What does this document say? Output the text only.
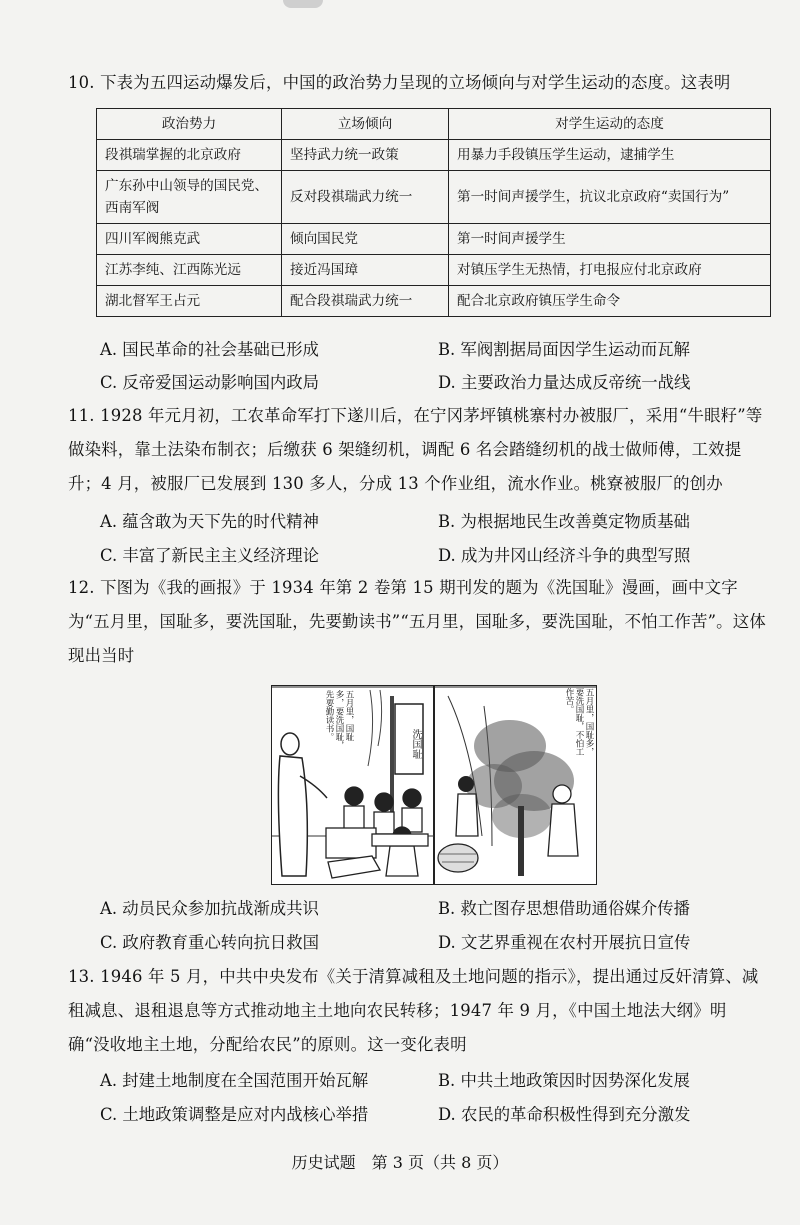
10. 下表为五四运动爆发后，中国的政治势力呈现的立场倾向与对学生运动的态度。这表明
政治势力	立场倾向	对学生运动的态度
段祺瑞掌握的北京政府	坚持武力统一政策	用暴力手段镇压学生运动，逮捕学生
广东孙中山领导的国民党、西南军阀	反对段祺瑞武力统一	第一时间声援学生，抗议北京政府“卖国行为”
四川军阀熊克武	倾向国民党	第一时间声援学生
江苏李纯、江西陈光远	接近冯国璋	对镇压学生无热情，打电报应付北京政府
湖北督军王占元	配合段祺瑞武力统一	配合北京政府镇压学生命令
A. 国民革命的社会基础已形成	B. 军阀割据局面因学生运动而瓦解
C. 反帝爱国运动影响国内政局	D. 主要政治力量达成反帝统一战线
11. 1928 年元月初，工农革命军打下遂川后，在宁冈茅坪镇桃寨村办被服厂，采用“牛眼籽”等做染料，靠土法染布制衣；后缴获 6 架缝纫机，调配 6 名会踏缝纫机的战士做师傅，工效提升；4 月，被服厂已发展到 130 多人，分成 13 个作业组，流水作业。桃寮被服厂的创办
A. 蕴含敢为天下先的时代精神	B. 为根据地民生改善奠定物质基础
C. 丰富了新民主主义经济理论	D. 成为井冈山经济斗争的典型写照
12. 下图为《我的画报》于 1934 年第 2 卷第 15 期刊发的题为《洗国耻》漫画，画中文字为“五月里，国耻多，要洗国耻，先要勤读书”“五月里，国耻多，要洗国耻，不怕工作苦”。这体现出当时
五月里，国耻多，要洗国耻，先要勤读书。
洗国耻	五月里，国耻多，要洗国耻，不怕工作苦。
A. 动员民众参加抗战渐成共识	B. 救亡图存思想借助通俗媒介传播
C. 政府教育重心转向抗日救国	D. 文艺界重视在农村开展抗日宣传
13. 1946 年 5 月，中共中央发布《关于清算减租及土地问题的指示》，提出通过反奸清算、减租减息、退租退息等方式推动地主土地向农民转移；1947 年 9 月，《中国土地法大纲》明确“没收地主土地，分配给农民”的原则。这一变化表明
A. 封建土地制度在全国范围开始瓦解	B. 中共土地政策因时因势深化发展
C. 土地政策调整是应对内战核心举措	D. 农民的革命积极性得到充分激发
历史试题　第 3 页（共 8 页）
